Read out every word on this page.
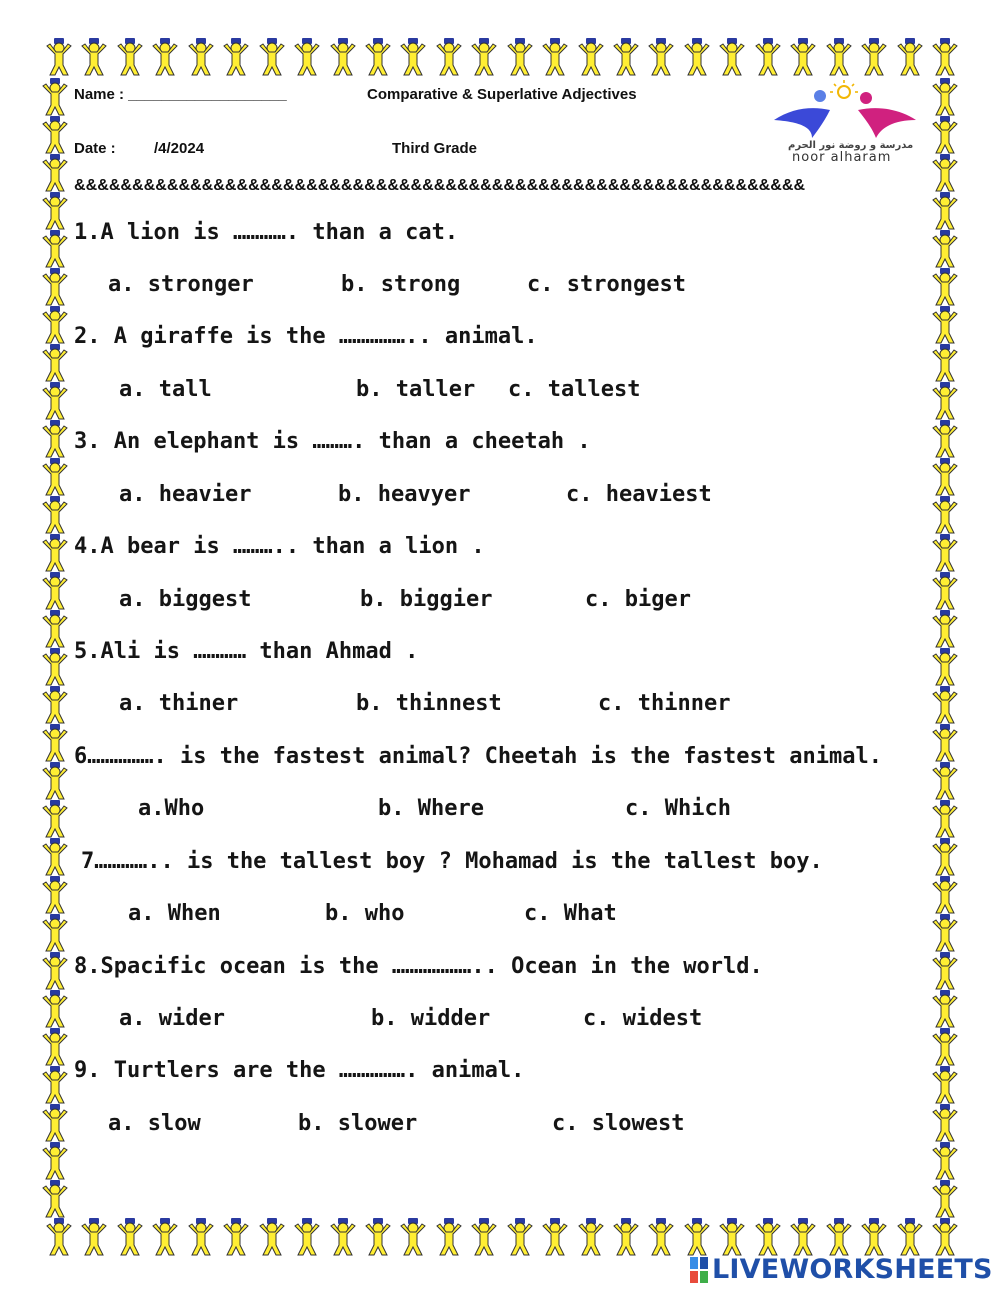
Name : ___________________	Comparative & Superlative Adjectives
Date :	/4/2024	Third Grade
&&&&&&&&&&&&&&&&&&&&&&&&&&&&&&&&&&&&&&&&&&&&&&&&&&&&&&&&&&&&&&&
مدرسة و روضة نور الحرم
noor alharam
1.A lion is …………. than a cat.
a. stronger	b. strong	c. strongest
2. A giraffe is the …………….. animal.
a. tall	b. taller c. tallest
3. An elephant is ………. than a cheetah .
a. heavier	b. heavyer	c. heaviest
4.A bear is ……….. than a lion .
a. biggest	b. biggier	c. biger
5.Ali is ………… than Ahmad .
a. thiner	b. thinnest	c. thinner
6……………. is the fastest animal? Cheetah is the fastest animal.
a.Who	b. Where	c. Which
7………….. is the tallest boy ? Mohamad is the tallest boy.
a. When	b. who	c. What
8.Spacific ocean is the ……………….. Ocean in the world.
a. wider	b. widder	c. widest
9. Turtlers are the ……………. animal.
a. slow	b. slower	c. slowest
LIVEWORKSHEETS
